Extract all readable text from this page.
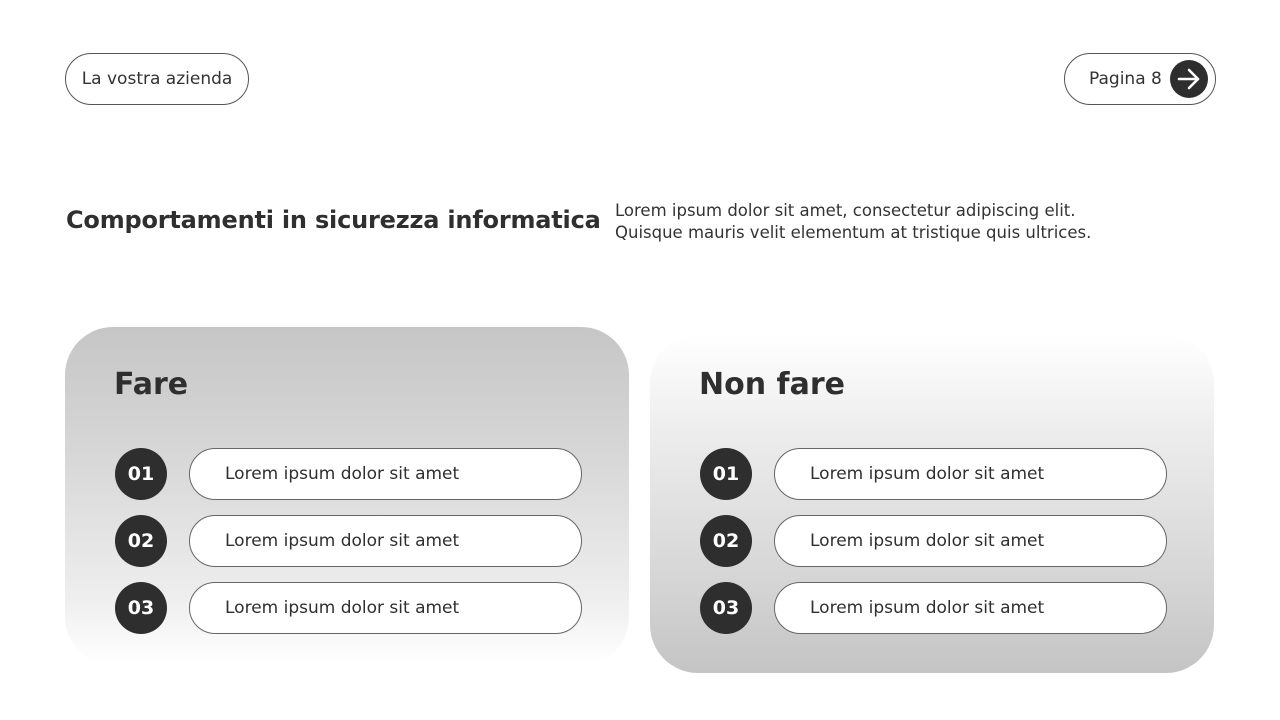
La vostra azienda	Pagina 8
Comportamenti in sicurezza informatica Lorem ipsum dolor sit amet, consectetur adipiscing elit.
Quisque mauris velit elementum at tristique quis ultrices.
Fare
01	Lorem ipsum dolor sit amet
02	Lorem ipsum dolor sit amet
03	Lorem ipsum dolor sit amet
Non fare
01	Lorem ipsum dolor sit amet
02	Lorem ipsum dolor sit amet
03	Lorem ipsum dolor sit amet
